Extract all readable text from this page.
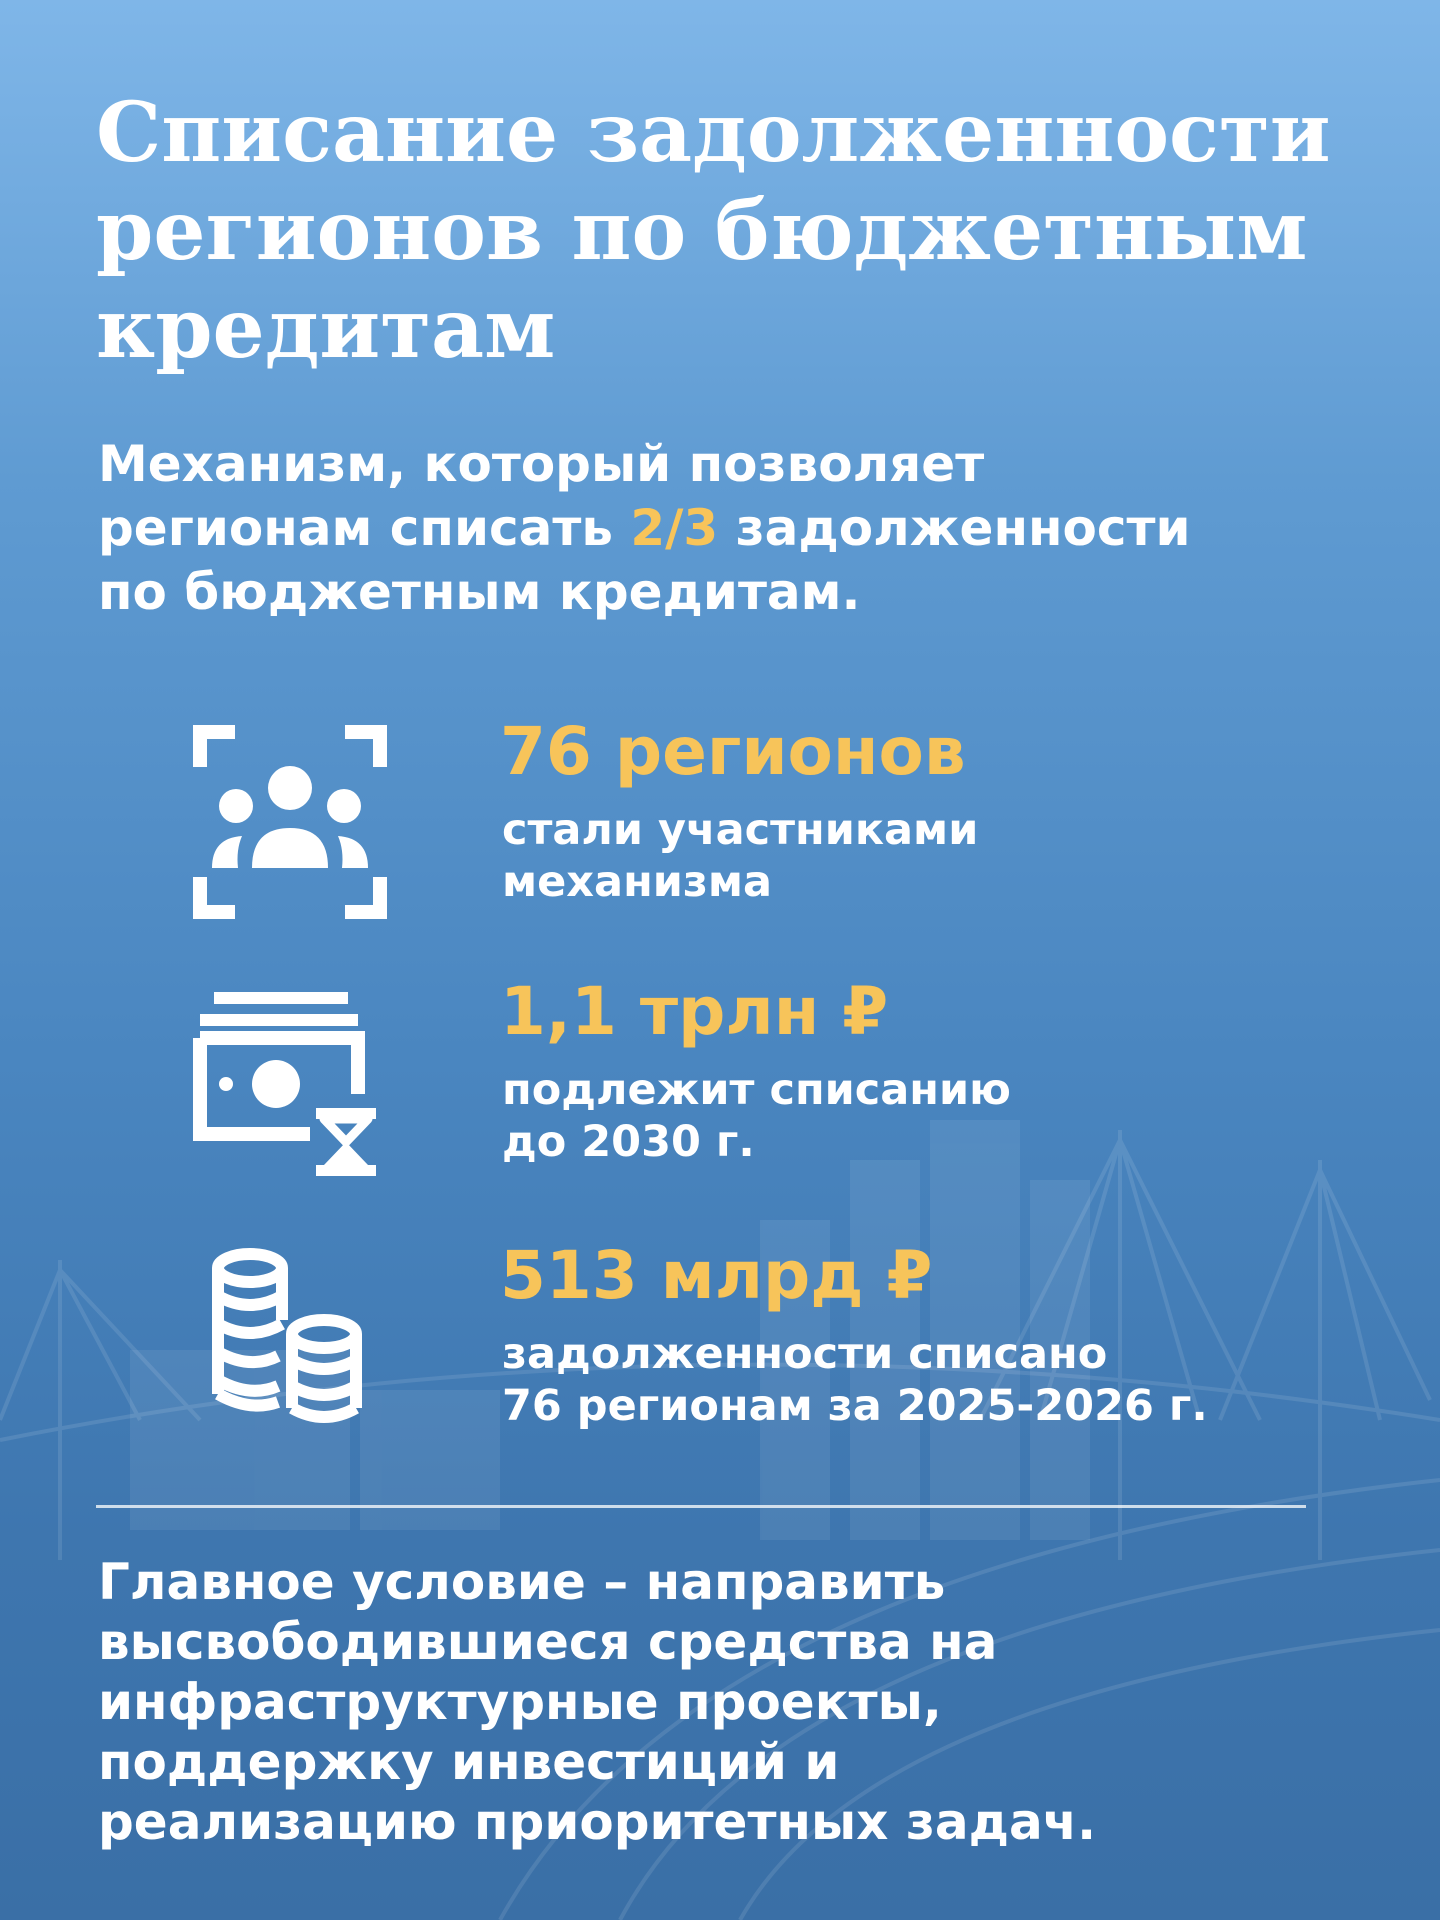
Списание задолженности
регионов по бюджетным
кредитам
Механизм, который позволяет
регионам списать 2/3 задолженности
по бюджетным кредитам.
76 регионов
стали участниками
механизма
1,1 трлн ₽
подлежит списанию
до 2030 г.
513 млрд ₽
задолженности списано
76 регионам за 2025-2026 г.
Главное условие – направить
высвободившиеся средства на
инфраструктурные проекты,
поддержку инвестиций и
реализацию приоритетных задач.
